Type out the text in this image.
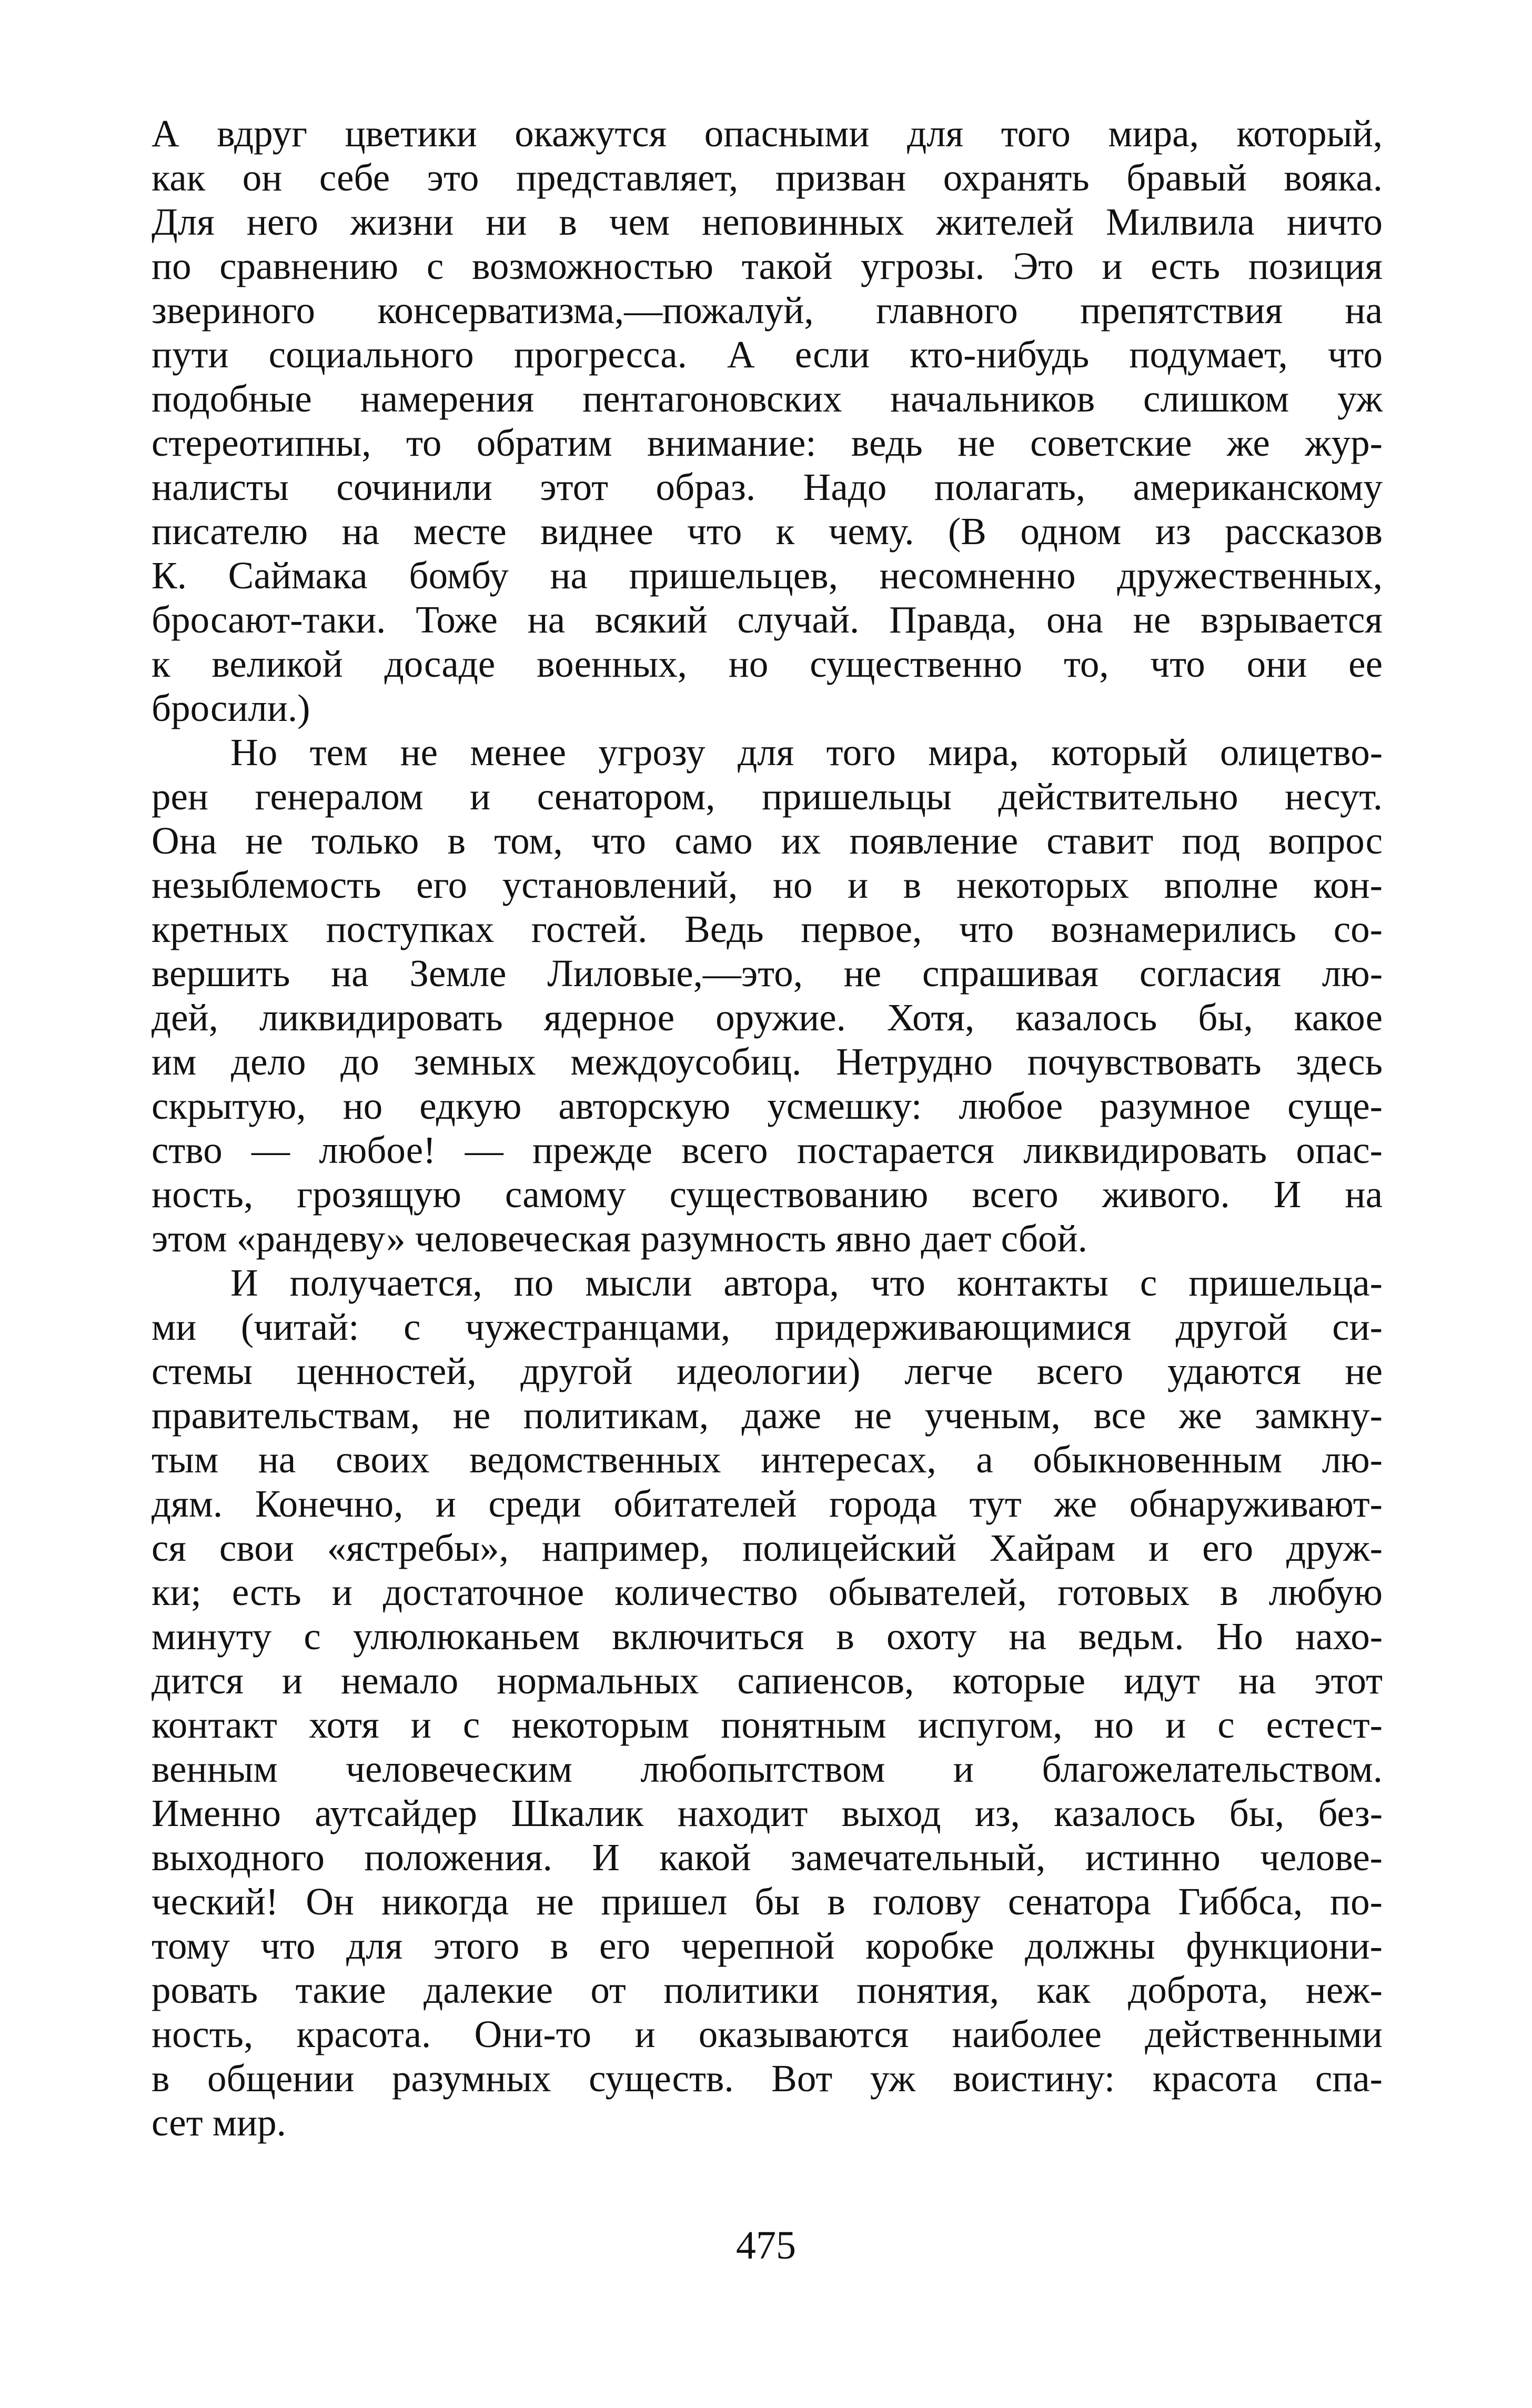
А вдруг цветики окажутся опасными для того мира, который,
как он себе это представляет, призван охранять бравый вояка.
Для него жизни ни в чем неповинных жителей Милвила ничто
по сравнению с возможностью такой угрозы. Это и есть позиция
звериного консерватизма,—пожалуй, главного препятствия на
пути социального прогресса. А если кто-нибудь подумает, что
подобные намерения пентагоновских начальников слишком уж
стереотипны, то обратим внимание: ведь не советские же жур-
налисты сочинили этот образ. Надо полагать, американскому
писателю на месте виднее что к чему. (В одном из рассказов
К. Саймака бомбу на пришельцев, несомненно дружественных,
бросают-таки. Тоже на всякий случай. Правда, она не взрывается
к великой досаде военных, но существенно то, что они ее
бросили.)
Но тем не менее угрозу для того мира, который олицетво-
рен генералом и сенатором, пришельцы действительно несут.
Она не только в том, что само их появление ставит под вопрос
незыблемость его установлений, но и в некоторых вполне кон-
кретных поступках гостей. Ведь первое, что вознамерились со-
вершить на Земле Лиловые,—это, не спрашивая согласия лю-
дей, ликвидировать ядерное оружие. Хотя, казалось бы, какое
им дело до земных междоусобиц. Нетрудно почувствовать здесь
скрытую, но едкую авторскую усмешку: любое разумное суще-
ство — любое! — прежде всего постарается ликвидировать опас-
ность, грозящую самому существованию всего живого. И на
этом «рандеву» человеческая разумность явно дает сбой.
И получается, по мысли автора, что контакты с пришельца-
ми (читай: с чужестранцами, придерживающимися другой си-
стемы ценностей, другой идеологии) легче всего удаются не
правительствам, не политикам, даже не ученым, все же замкну-
тым на своих ведомственных интересах, а обыкновенным лю-
дям. Конечно, и среди обитателей города тут же обнаруживают-
ся свои «ястребы», например, полицейский Хайрам и его друж-
ки; есть и достаточное количество обывателей, готовых в любую
минуту с улюлюканьем включиться в охоту на ведьм. Но нахо-
дится и немало нормальных сапиенсов, которые идут на этот
контакт хотя и с некоторым понятным испугом, но и с естест-
венным человеческим любопытством и благожелательством.
Именно аутсайдер Шкалик находит выход из, казалось бы, без-
выходного положения. И какой замечательный, истинно челове-
ческий! Он никогда не пришел бы в голову сенатора Гиббса, по-
тому что для этого в его черепной коробке должны функциони-
ровать такие далекие от политики понятия, как доброта, неж-
ность, красота. Они-то и оказываются наиболее действенными
в общении разумных существ. Вот уж воистину: красота спа-
сет мир.
475
